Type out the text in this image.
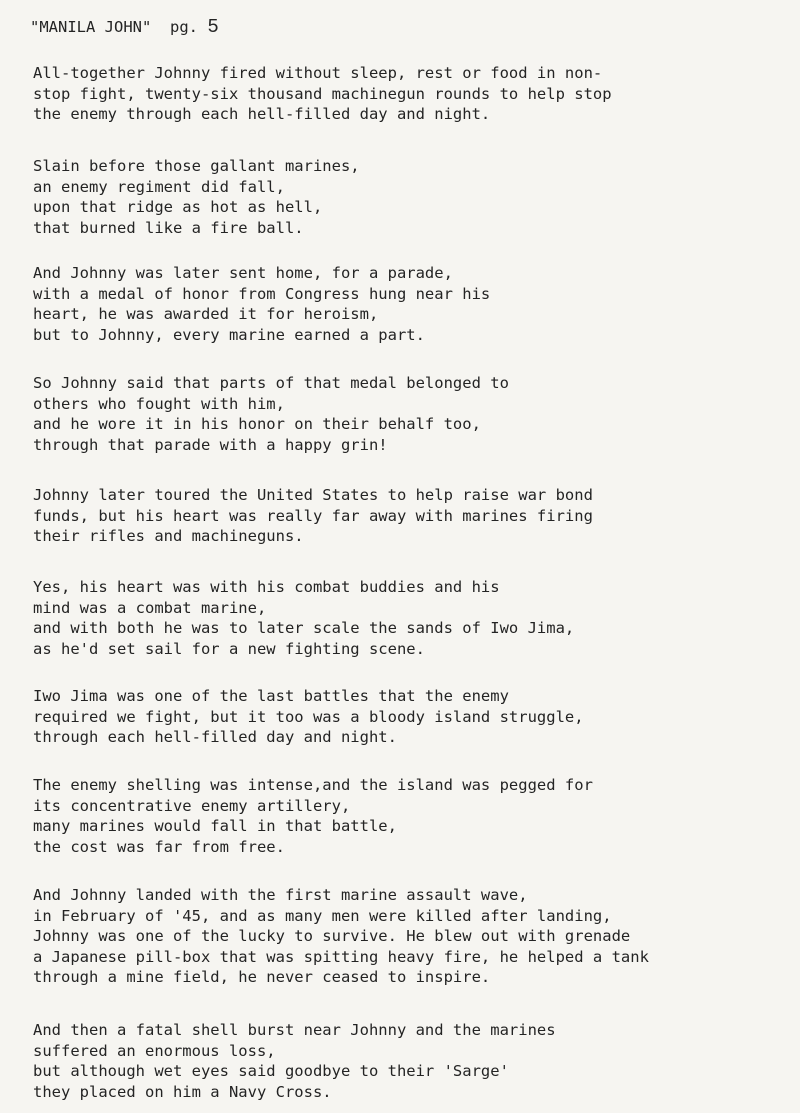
"MANILA JOHN" pg. 5
All-together Johnny fired without sleep, rest or food in non-
stop fight, twenty-six thousand machinegun rounds to help stop
the enemy through each hell-filled day and night.
Slain before those gallant marines,
an enemy regiment did fall,
upon that ridge as hot as hell,
that burned like a fire ball.
And Johnny was later sent home, for a parade,
with a medal of honor from Congress hung near his
heart, he was awarded it for heroism,
but to Johnny, every marine earned a part.
So Johnny said that parts of that medal belonged to
others who fought with him,
and he wore it in his honor on their behalf too,
through that parade with a happy grin!
Johnny later toured the United States to help raise war bond
funds, but his heart was really far away with marines firing
their rifles and machineguns.
Yes, his heart was with his combat buddies and his
mind was a combat marine,
and with both he was to later scale the sands of Iwo Jima,
as he'd set sail for a new fighting scene.
Iwo Jima was one of the last battles that the enemy
required we fight, but it too was a bloody island struggle,
through each hell-filled day and night.
The enemy shelling was intense,and the island was pegged for
its concentrative enemy artillery,
many marines would fall in that battle,
the cost was far from free.
And Johnny landed with the first marine assault wave,
in February of '45, and as many men were killed after landing,
Johnny was one of the lucky to survive. He blew out with grenade
a Japanese pill-box that was spitting heavy fire, he helped a tank
through a mine field, he never ceased to inspire.
And then a fatal shell burst near Johnny and the marines
suffered an enormous loss,
but although wet eyes said goodbye to their 'Sarge'
they placed on him a Navy Cross.
